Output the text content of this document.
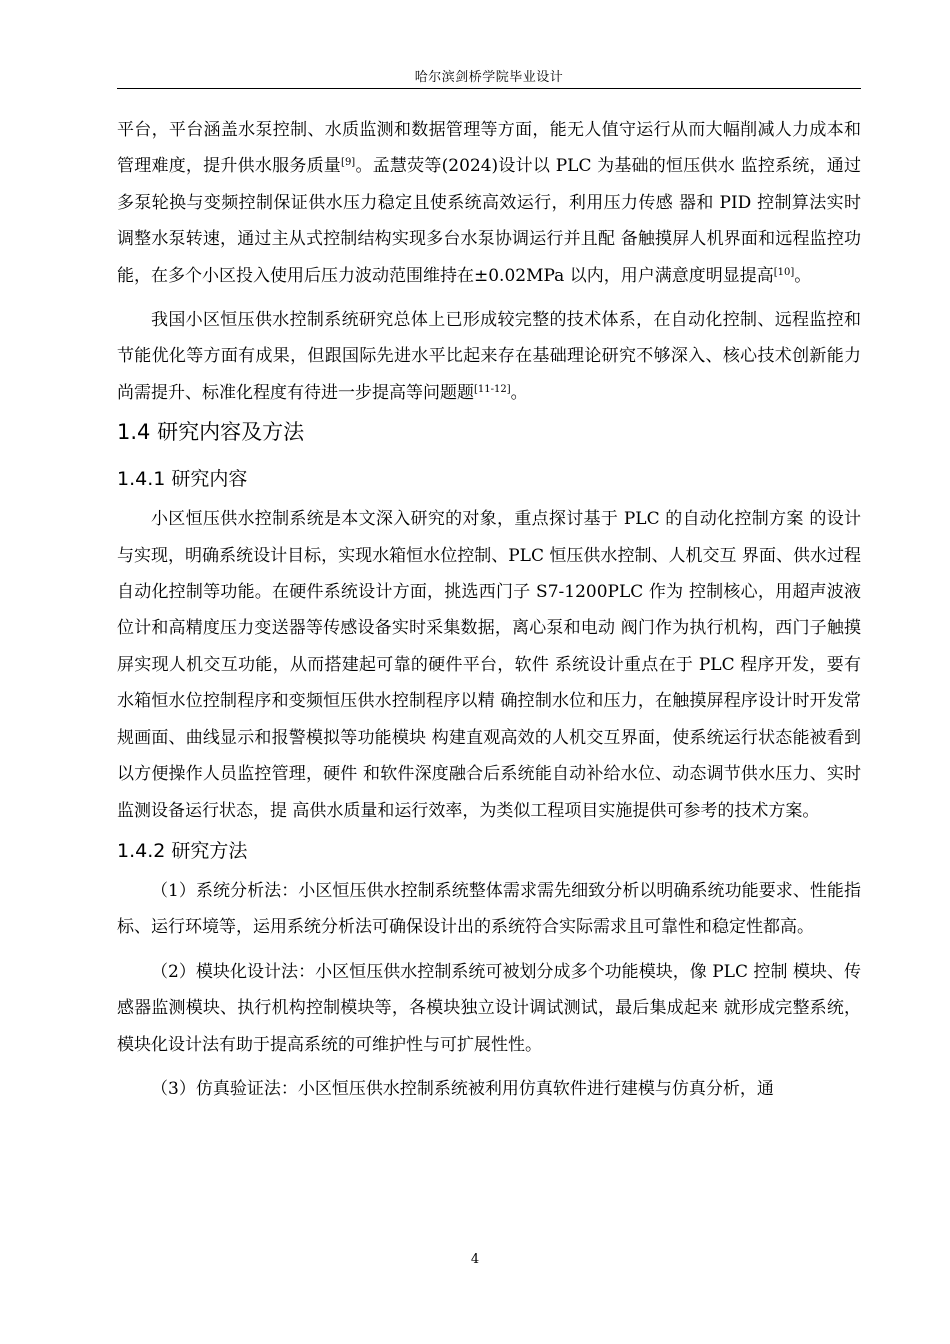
哈尔滨剑桥学院毕业设计

平台，平台涵盖水泵控制、水质监测和数据管理等方面，能无人值守运行从而大幅削减人力成本和管理难度，提升供水服务质量[9]。孟慧荧等(2024)设计以 PLC 为基础的恒压供水 监控系统，通过多泵轮换与变频控制保证供水压力稳定且使系统高效运行，利用压力传感 器和 PID 控制算法实时调整水泵转速，通过主从式控制结构实现多台水泵协调运行并且配 备触摸屏人机界面和远程监控功能，在多个小区投入使用后压力波动范围维持在±0.02MPa 以内，用户满意度明显提高[10]。

我国小区恒压供水控制系统研究总体上已形成较完整的技术体系，在自动化控制、远程监控和节能优化等方面有成果，但跟国际先进水平比起来存在基础理论研究不够深入、核心技术创新能力尚需提升、标准化程度有待进一步提高等问题题[11-12]。

1.4 研究内容及方法
1.4.1 研究内容

小区恒压供水控制系统是本文深入研究的对象，重点探讨基于 PLC 的自动化控制方案 的设计与实现，明确系统设计目标，实现水箱恒水位控制、PLC 恒压供水控制、人机交互 界面、供水过程自动化控制等功能。在硬件系统设计方面，挑选西门子 S7-1200PLC 作为 控制核心，用超声波液位计和高精度压力变送器等传感设备实时采集数据，离心泵和电动 阀门作为执行机构，西门子触摸屏实现人机交互功能，从而搭建起可靠的硬件平台，软件 系统设计重点在于 PLC 程序开发，要有水箱恒水位控制程序和变频恒压供水控制程序以精 确控制水位和压力，在触摸屏程序设计时开发常规画面、曲线显示和报警模拟等功能模块 构建直观高效的人机交互界面，使系统运行状态能被看到以方便操作人员监控管理，硬件 和软件深度融合后系统能自动补给水位、动态调节供水压力、实时监测设备运行状态，提 高供水质量和运行效率，为类似工程项目实施提供可参考的技术方案。

1.4.2 研究方法

（1）系统分析法：小区恒压供水控制系统整体需求需先细致分析以明确系统功能要求、性能指标、运行环境等，运用系统分析法可确保设计出的系统符合实际需求且可靠性和稳定性都高。

（2）模块化设计法：小区恒压供水控制系统可被划分成多个功能模块，像 PLC 控制 模块、传感器监测模块、执行机构控制模块等，各模块独立设计调试测试，最后集成起来 就形成完整系统，模块化设计法有助于提高系统的可维护性与可扩展性性。

（3）仿真验证法：小区恒压供水控制系统被利用仿真软件进行建模与仿真分析，通

4
